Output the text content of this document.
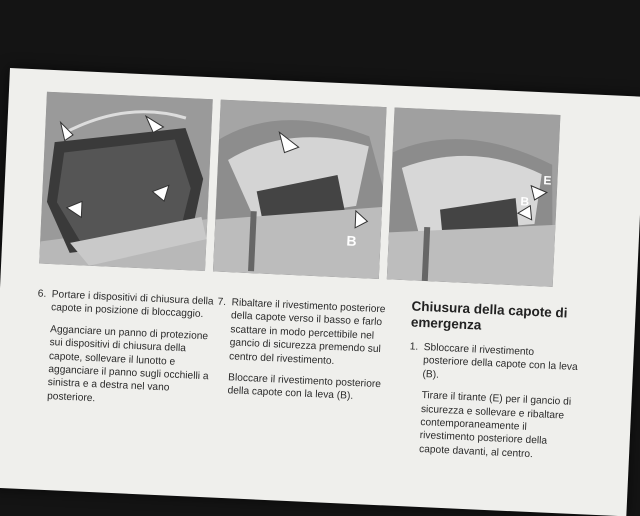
B
E
B
6. Portare i dispositivi di chiusura della capote in posizione di bloccaggio.

Agganciare un panno di protezione sui dispositivi di chiusura della capote, sollevare il lunotto e agganciare il panno sugli occhielli a sinistra e a destra nel vano posteriore.

7. Ribaltare il rivestimento posteriore della capote verso il basso e farlo scattare in modo percettibile nel gancio di sicurezza premendo sul centro del rivestimento.

Bloccare il rivestimento posteriore della capote con la leva (B).

Chiusura della capote di emergenza
1. Sbloccare il rivestimento posteriore della capote con la leva (B).

Tirare il tirante (E) per il gancio di sicurezza e sollevare e ribaltare contemporaneamente il rivestimento posteriore della capote davanti, al centro.
